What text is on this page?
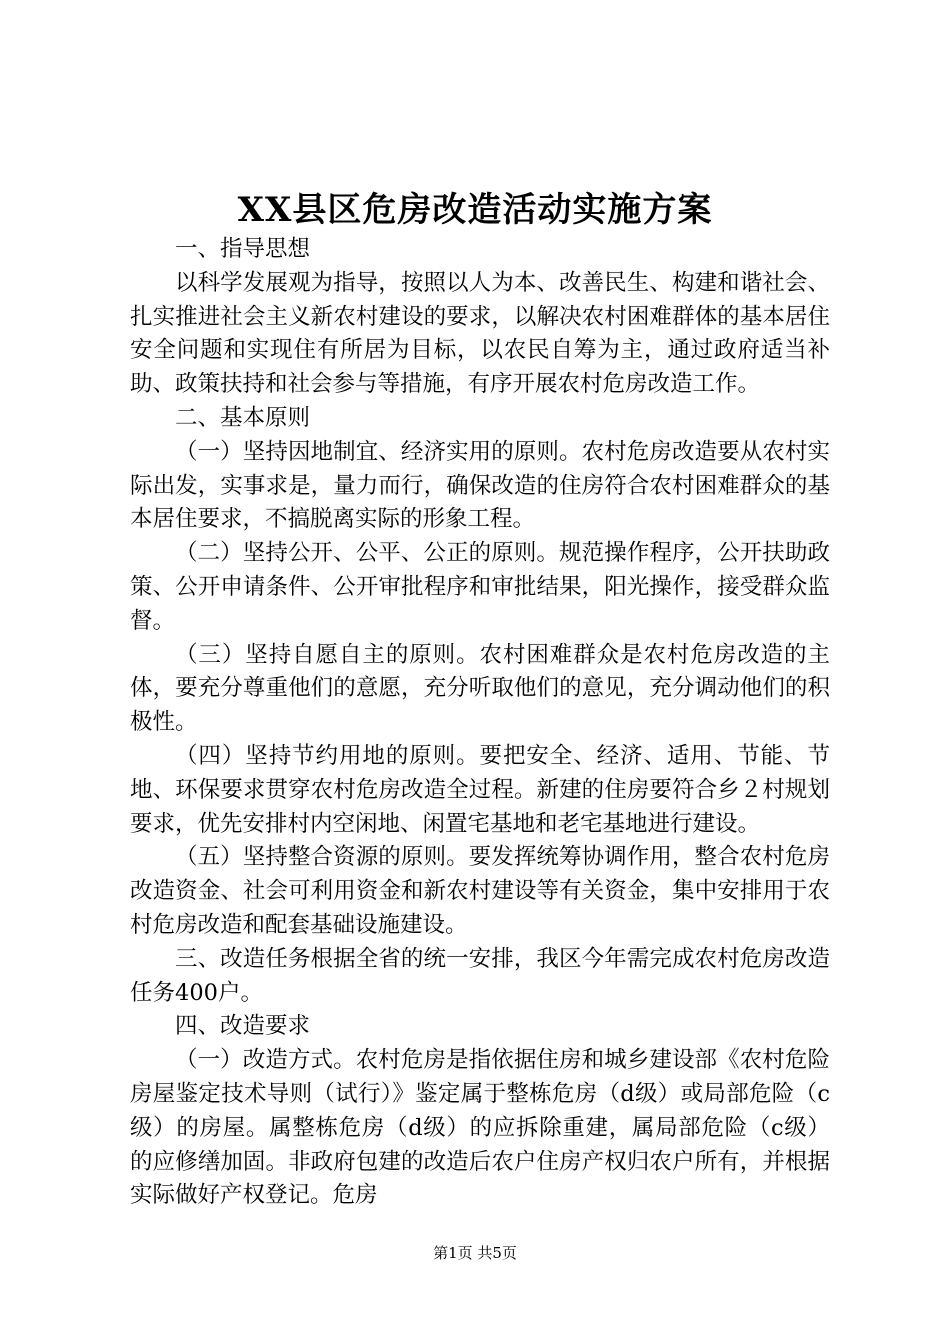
XX县区危房改造活动实施方案

一、指导思想

以科学发展观为指导，按照以人为本、改善民生、构建和谐社会、扎实推进社会主义新农村建设的要求，以解决农村困难群体的基本居住安全问题和实现住有所居为目标，以农民自筹为主，通过政府适当补助、政策扶持和社会参与等措施，有序开展农村危房改造工作。

二、基本原则

（一）坚持因地制宜、经济实用的原则。农村危房改造要从农村实际出发，实事求是，量力而行，确保改造的住房符合农村困难群众的基本居住要求，不搞脱离实际的形象工程。

（二）坚持公开、公平、公正的原则。规范操作程序，公开扶助政策、公开申请条件、公开审批程序和审批结果，阳光操作，接受群众监督。

（三）坚持自愿自主的原则。农村困难群众是农村危房改造的主体，要充分尊重他们的意愿，充分听取他们的意见，充分调动他们的积极性。

（四）坚持节约用地的原则。要把安全、经济、适用、节能、节地、环保要求贯穿农村危房改造全过程。新建的住房要符合乡２村规划要求，优先安排村内空闲地、闲置宅基地和老宅基地进行建设。

（五）坚持整合资源的原则。要发挥统筹协调作用，整合农村危房改造资金、社会可利用资金和新农村建设等有关资金，集中安排用于农村危房改造和配套基础设施建设。

三、改造任务根据全省的统一安排，我区今年需完成农村危房改造任务400户。

四、改造要求

（一）改造方式。农村危房是指依据住房和城乡建设部《农村危险房屋鉴定技术导则（试行）》鉴定属于整栋危房（d级）或局部危险（c级）的房屋。属整栋危房（d级）的应拆除重建，属局部危险（c级）的应修缮加固。非政府包建的改造后农户住房产权归农户所有，并根据实际做好产权登记。危房

第1页 共5页
